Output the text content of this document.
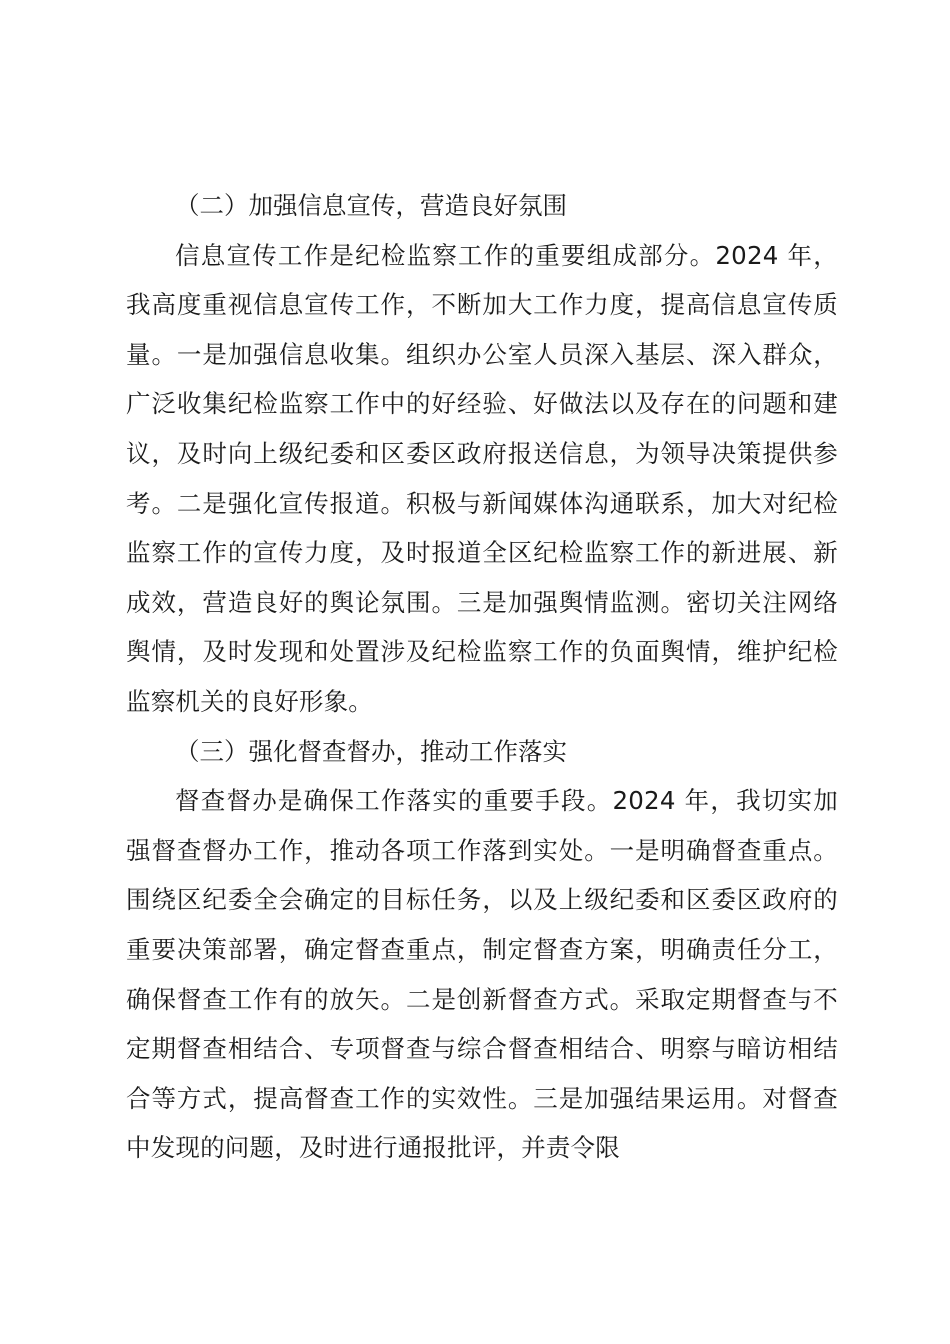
（二）加强信息宣传，营造良好氛围

信息宣传工作是纪检监察工作的重要组成部分。2024 年，我高度重视信息宣传工作，不断加大工作力度，提高信息宣传质量。一是加强信息收集。组织办公室人员深入基层、深入群众，广泛收集纪检监察工作中的好经验、好做法以及存在的问题和建议，及时向上级纪委和区委区政府报送信息，为领导决策提供参考。二是强化宣传报道。积极与新闻媒体沟通联系，加大对纪检监察工作的宣传力度，及时报道全区纪检监察工作的新进展、新成效，营造良好的舆论氛围。三是加强舆情监测。密切关注网络舆情，及时发现和处置涉及纪检监察工作的负面舆情，维护纪检监察机关的良好形象。

（三）强化督查督办，推动工作落实

督查督办是确保工作落实的重要手段。2024 年，我切实加强督查督办工作，推动各项工作落到实处。一是明确督查重点。围绕区纪委全会确定的目标任务，以及上级纪委和区委区政府的重要决策部署，确定督查重点，制定督查方案，明确责任分工，确保督查工作有的放矢。二是创新督查方式。采取定期督查与不定期督查相结合、专项督查与综合督查相结合、明察与暗访相结合等方式，提高督查工作的实效性。三是加强结果运用。对督查中发现的问题，及时进行通报批评，并责令限
